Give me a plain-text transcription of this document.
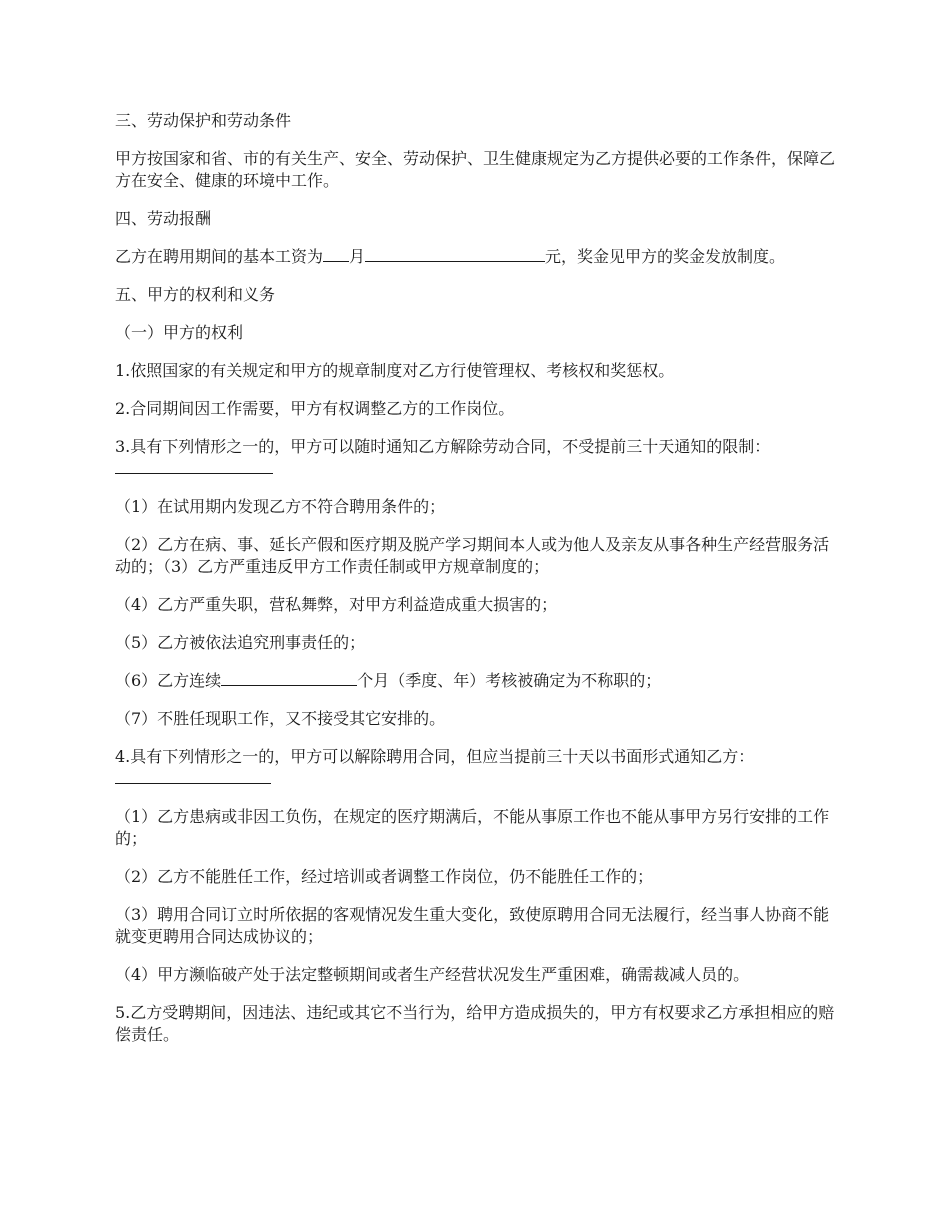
三、劳动保护和劳动条件

甲方按国家和省、市的有关生产、安全、劳动保护、卫生健康规定为乙方提供必要的工作条件，保障乙方在安全、健康的环境中工作。

四、劳动报酬

乙方在聘用期间的基本工资为 月	元，奖金见甲方的奖金发放制度。

五、甲方的权利和义务

（一）甲方的权利

1.依照国家的有关规定和甲方的规章制度对乙方行使管理权、考核权和奖惩权。

2.合同期间因工作需要，甲方有权调整乙方的工作岗位。

3.具有下列情形之一的，甲方可以随时通知乙方解除劳动合同，不受提前三十天通知的限制：

（1）在试用期内发现乙方不符合聘用条件的；

（2）乙方在病、事、延长产假和医疗期及脱产学习期间本人或为他人及亲友从事各种生产经营服务活动的；（3）乙方严重违反甲方工作责任制或甲方规章制度的；

（4）乙方严重失职，营私舞弊，对甲方利益造成重大损害的；

（5）乙方被依法追究刑事责任的；

（6）乙方连续	个月（季度、年）考核被确定为不称职的；

（7）不胜任现职工作，又不接受其它安排的。

4.具有下列情形之一的，甲方可以解除聘用合同，但应当提前三十天以书面形式通知乙方：

（1）乙方患病或非因工负伤，在规定的医疗期满后，不能从事原工作也不能从事甲方另行安排的工作的；

（2）乙方不能胜任工作，经过培训或者调整工作岗位，仍不能胜任工作的；

（3）聘用合同订立时所依据的客观情况发生重大变化，致使原聘用合同无法履行，经当事人协商不能就变更聘用合同达成协议的；

（4）甲方濒临破产处于法定整顿期间或者生产经营状况发生严重困难，确需裁减人员的。

5.乙方受聘期间，因违法、违纪或其它不当行为，给甲方造成损失的，甲方有权要求乙方承担相应的赔偿责任。
